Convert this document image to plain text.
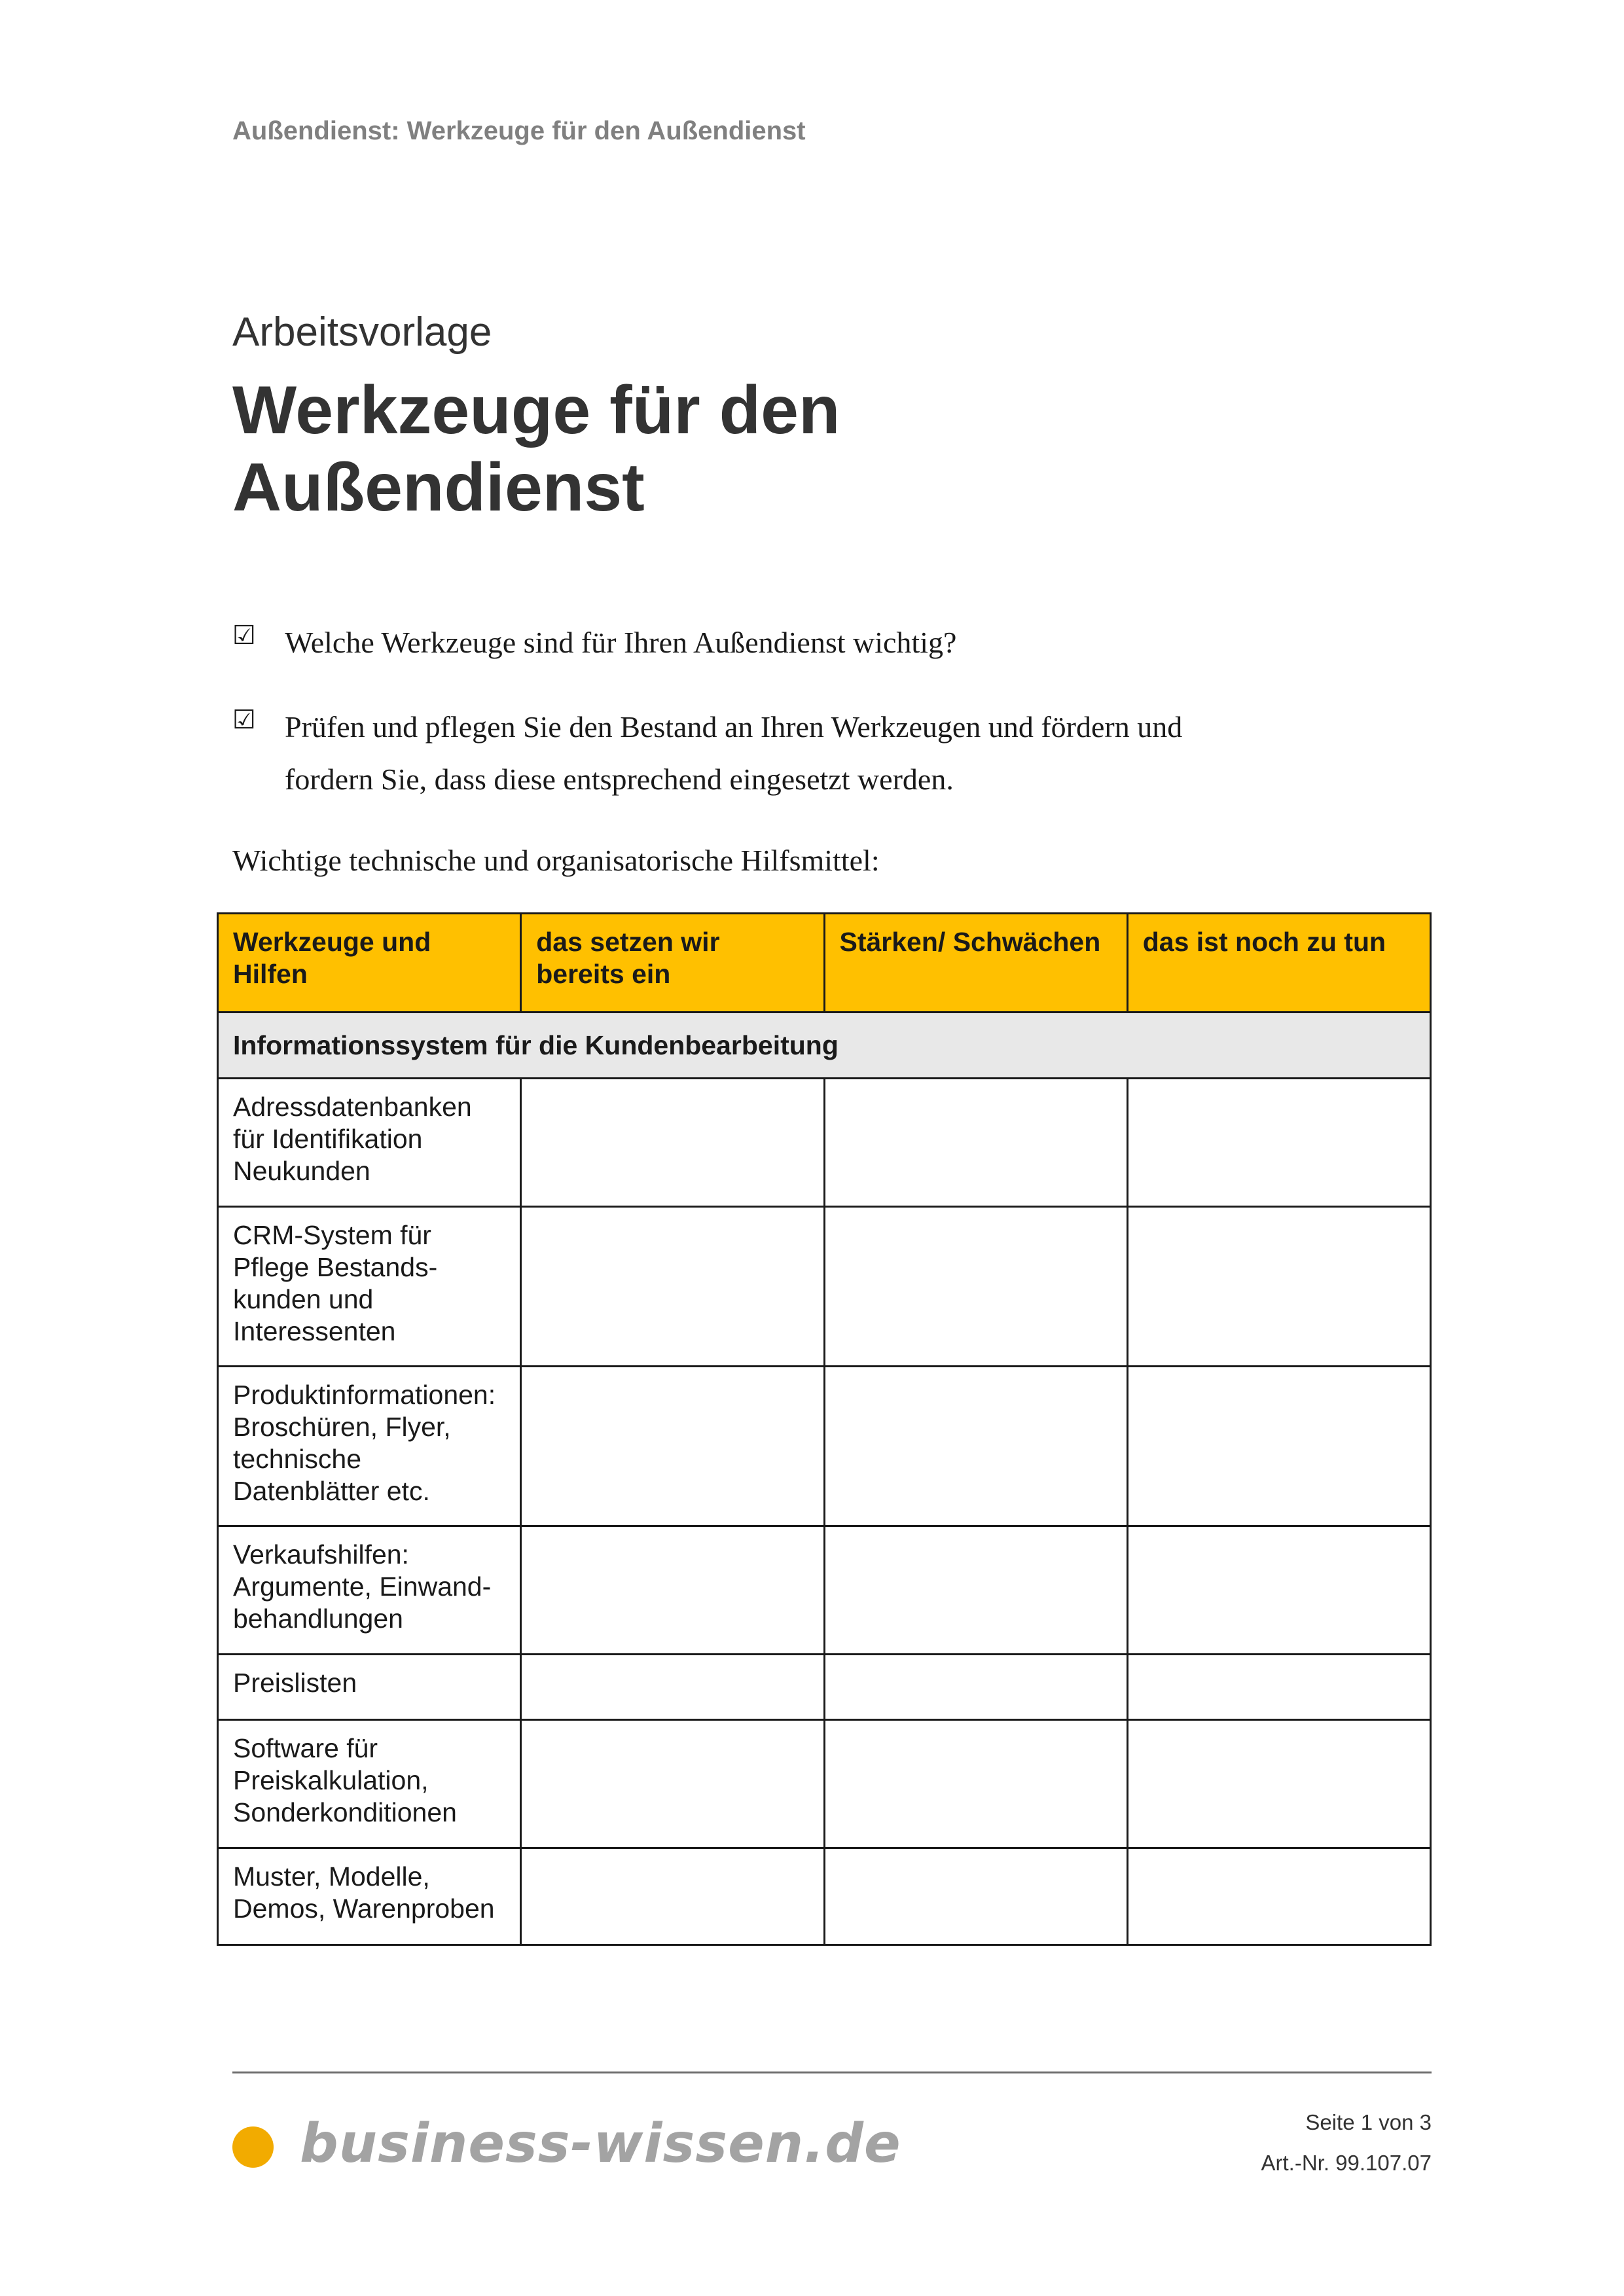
Außendienst: Werkzeuge für den Außendienst
Arbeitsvorlage
Werkzeuge für den
Außendienst
☑ Welche Werkzeuge sind für Ihren Außendienst wichtig?
☑ Prüfen und pflegen Sie den Bestand an Ihren Werkzeugen und fördern und fordern Sie, dass diese entsprechend eingesetzt werden.
Wichtige technische und organisatorische Hilfsmittel:
Werkzeuge und Hilfen	das setzen wir bereits ein	Stärken/ Schwächen	das ist noch zu tun
Informationssystem für die Kundenbearbeitung			
Adressdatenbanken für Identifikation Neukunden			
CRM-System für Pflege Bestands-kunden und Interessenten			
Produktinformationen: Broschüren, Flyer, technische Datenblätter etc.			
Verkaufshilfen: Argumente, Einwand-behandlungen			
Preislisten			
Software für Preiskalkulation, Sonderkonditionen			
Muster, Modelle, Demos, Warenproben			
business-wissen.de	Seite 1 von 3
Art.-Nr. 99.107.07
